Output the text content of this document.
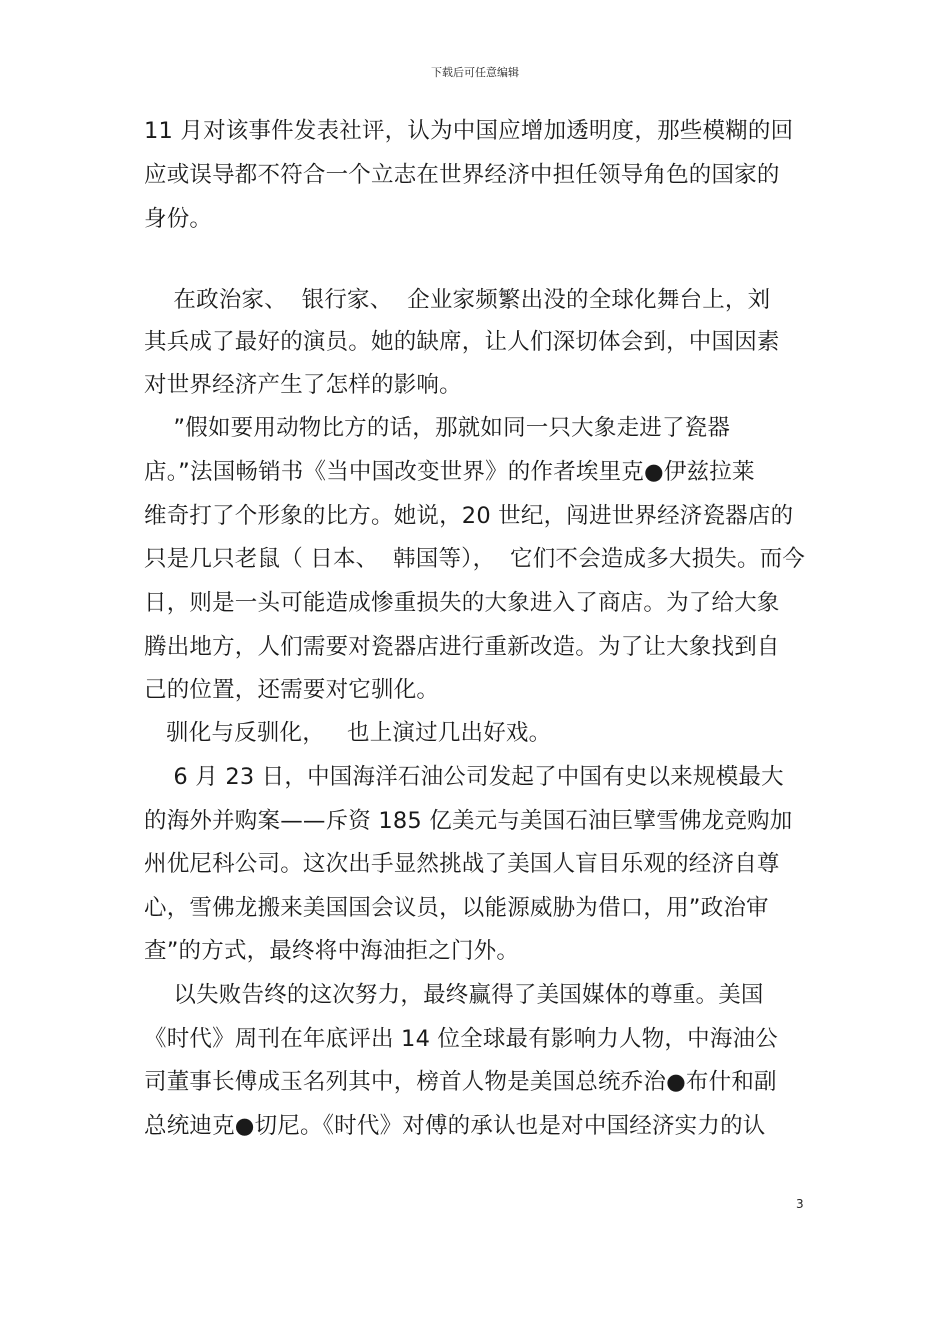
下载后可任意编辑
11 月对该事件发表社评，认为中国应增加透明度，那些模糊的回
应或误导都不符合一个立志在世界经济中担任领导角色的国家的
身份。
在政治家、  银行家、  企业家频繁出没的全球化舞台上，刘
其兵成了最好的演员。她的缺席，让人们深切体会到，中国因素
对世界经济产生了怎样的影响。
”假如要用动物比方的话，那就如同一只大象走进了瓷器
店。”法国畅销书《当中国改变世界》的作者埃里克●伊兹拉莱
维奇打了个形象的比方。她说，20 世纪，闯进世界经济瓷器店的
只是几只老鼠（ 日本、  韩国等），  它们不会造成多大损失。而今
日，则是一头可能造成惨重损失的大象进入了商店。为了给大象
腾出地方，人们需要对瓷器店进行重新改造。为了让大象找到自
己的位置，还需要对它驯化。
驯化与反驯化，   也上演过几出好戏。
6 月 23 日，中国海洋石油公司发起了中国有史以来规模最大
的海外并购案——斥资 185 亿美元与美国石油巨擘雪佛龙竞购加
州优尼科公司。这次出手显然挑战了美国人盲目乐观的经济自尊
心，雪佛龙搬来美国国会议员，以能源威胁为借口，用”政治审
查”的方式，最终将中海油拒之门外。
以失败告终的这次努力，最终赢得了美国媒体的尊重。美国
《时代》周刊在年底评出 14 位全球最有影响力人物，中海油公
司董事长傅成玉名列其中，榜首人物是美国总统乔治●布什和副
总统迪克●切尼。《时代》对傅的承认也是对中国经济实力的认
3
